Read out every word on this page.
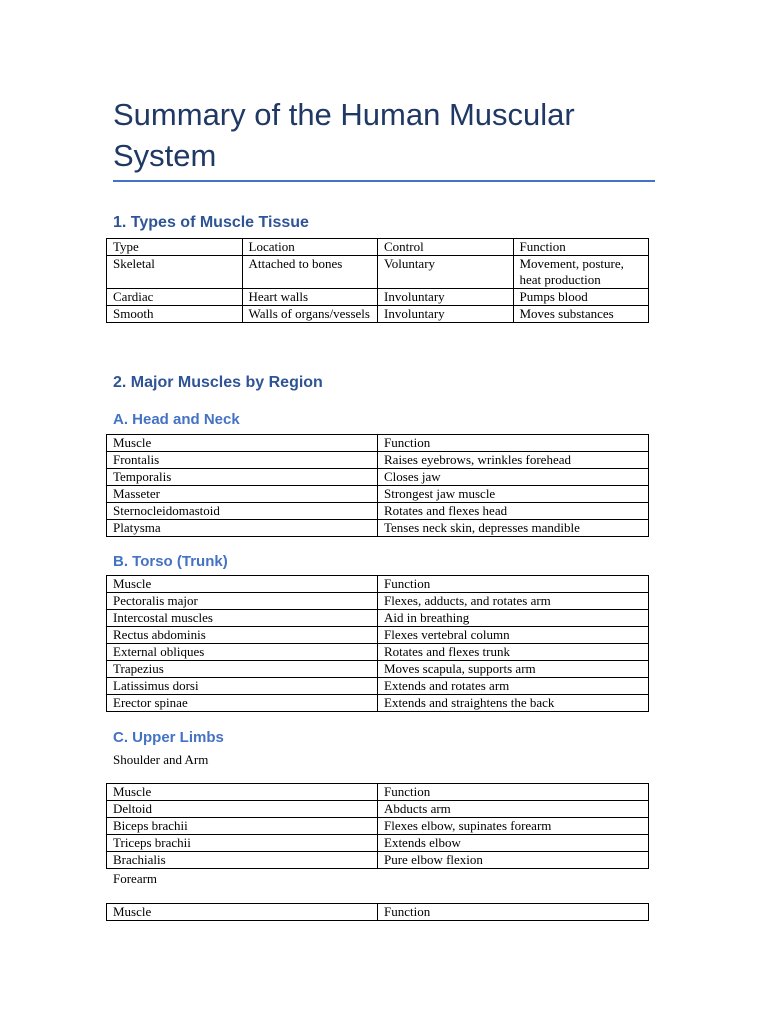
Summary of the Human Muscular System
1. Types of Muscle Tissue
Type	Location	Control	Function
Skeletal	Attached to bones	Voluntary	Movement, posture, heat production
Cardiac	Heart walls	Involuntary	Pumps blood
Smooth	Walls of organs/vessels	Involuntary	Moves substances
2. Major Muscles by Region
A. Head and Neck
Muscle	Function
Frontalis	Raises eyebrows, wrinkles forehead
Temporalis	Closes jaw
Masseter	Strongest jaw muscle
Sternocleidomastoid	Rotates and flexes head
Platysma	Tenses neck skin, depresses mandible
B. Torso (Trunk)
Muscle	Function
Pectoralis major	Flexes, adducts, and rotates arm
Intercostal muscles	Aid in breathing
Rectus abdominis	Flexes vertebral column
External obliques	Rotates and flexes trunk
Trapezius	Moves scapula, supports arm
Latissimus dorsi	Extends and rotates arm
Erector spinae	Extends and straightens the back
C. Upper Limbs

Shoulder and Arm

Muscle	Function
Deltoid	Abducts arm
Biceps brachii	Flexes elbow, supinates forearm
Triceps brachii	Extends elbow
Brachialis	Pure elbow flexion

Forearm

Muscle	Function
